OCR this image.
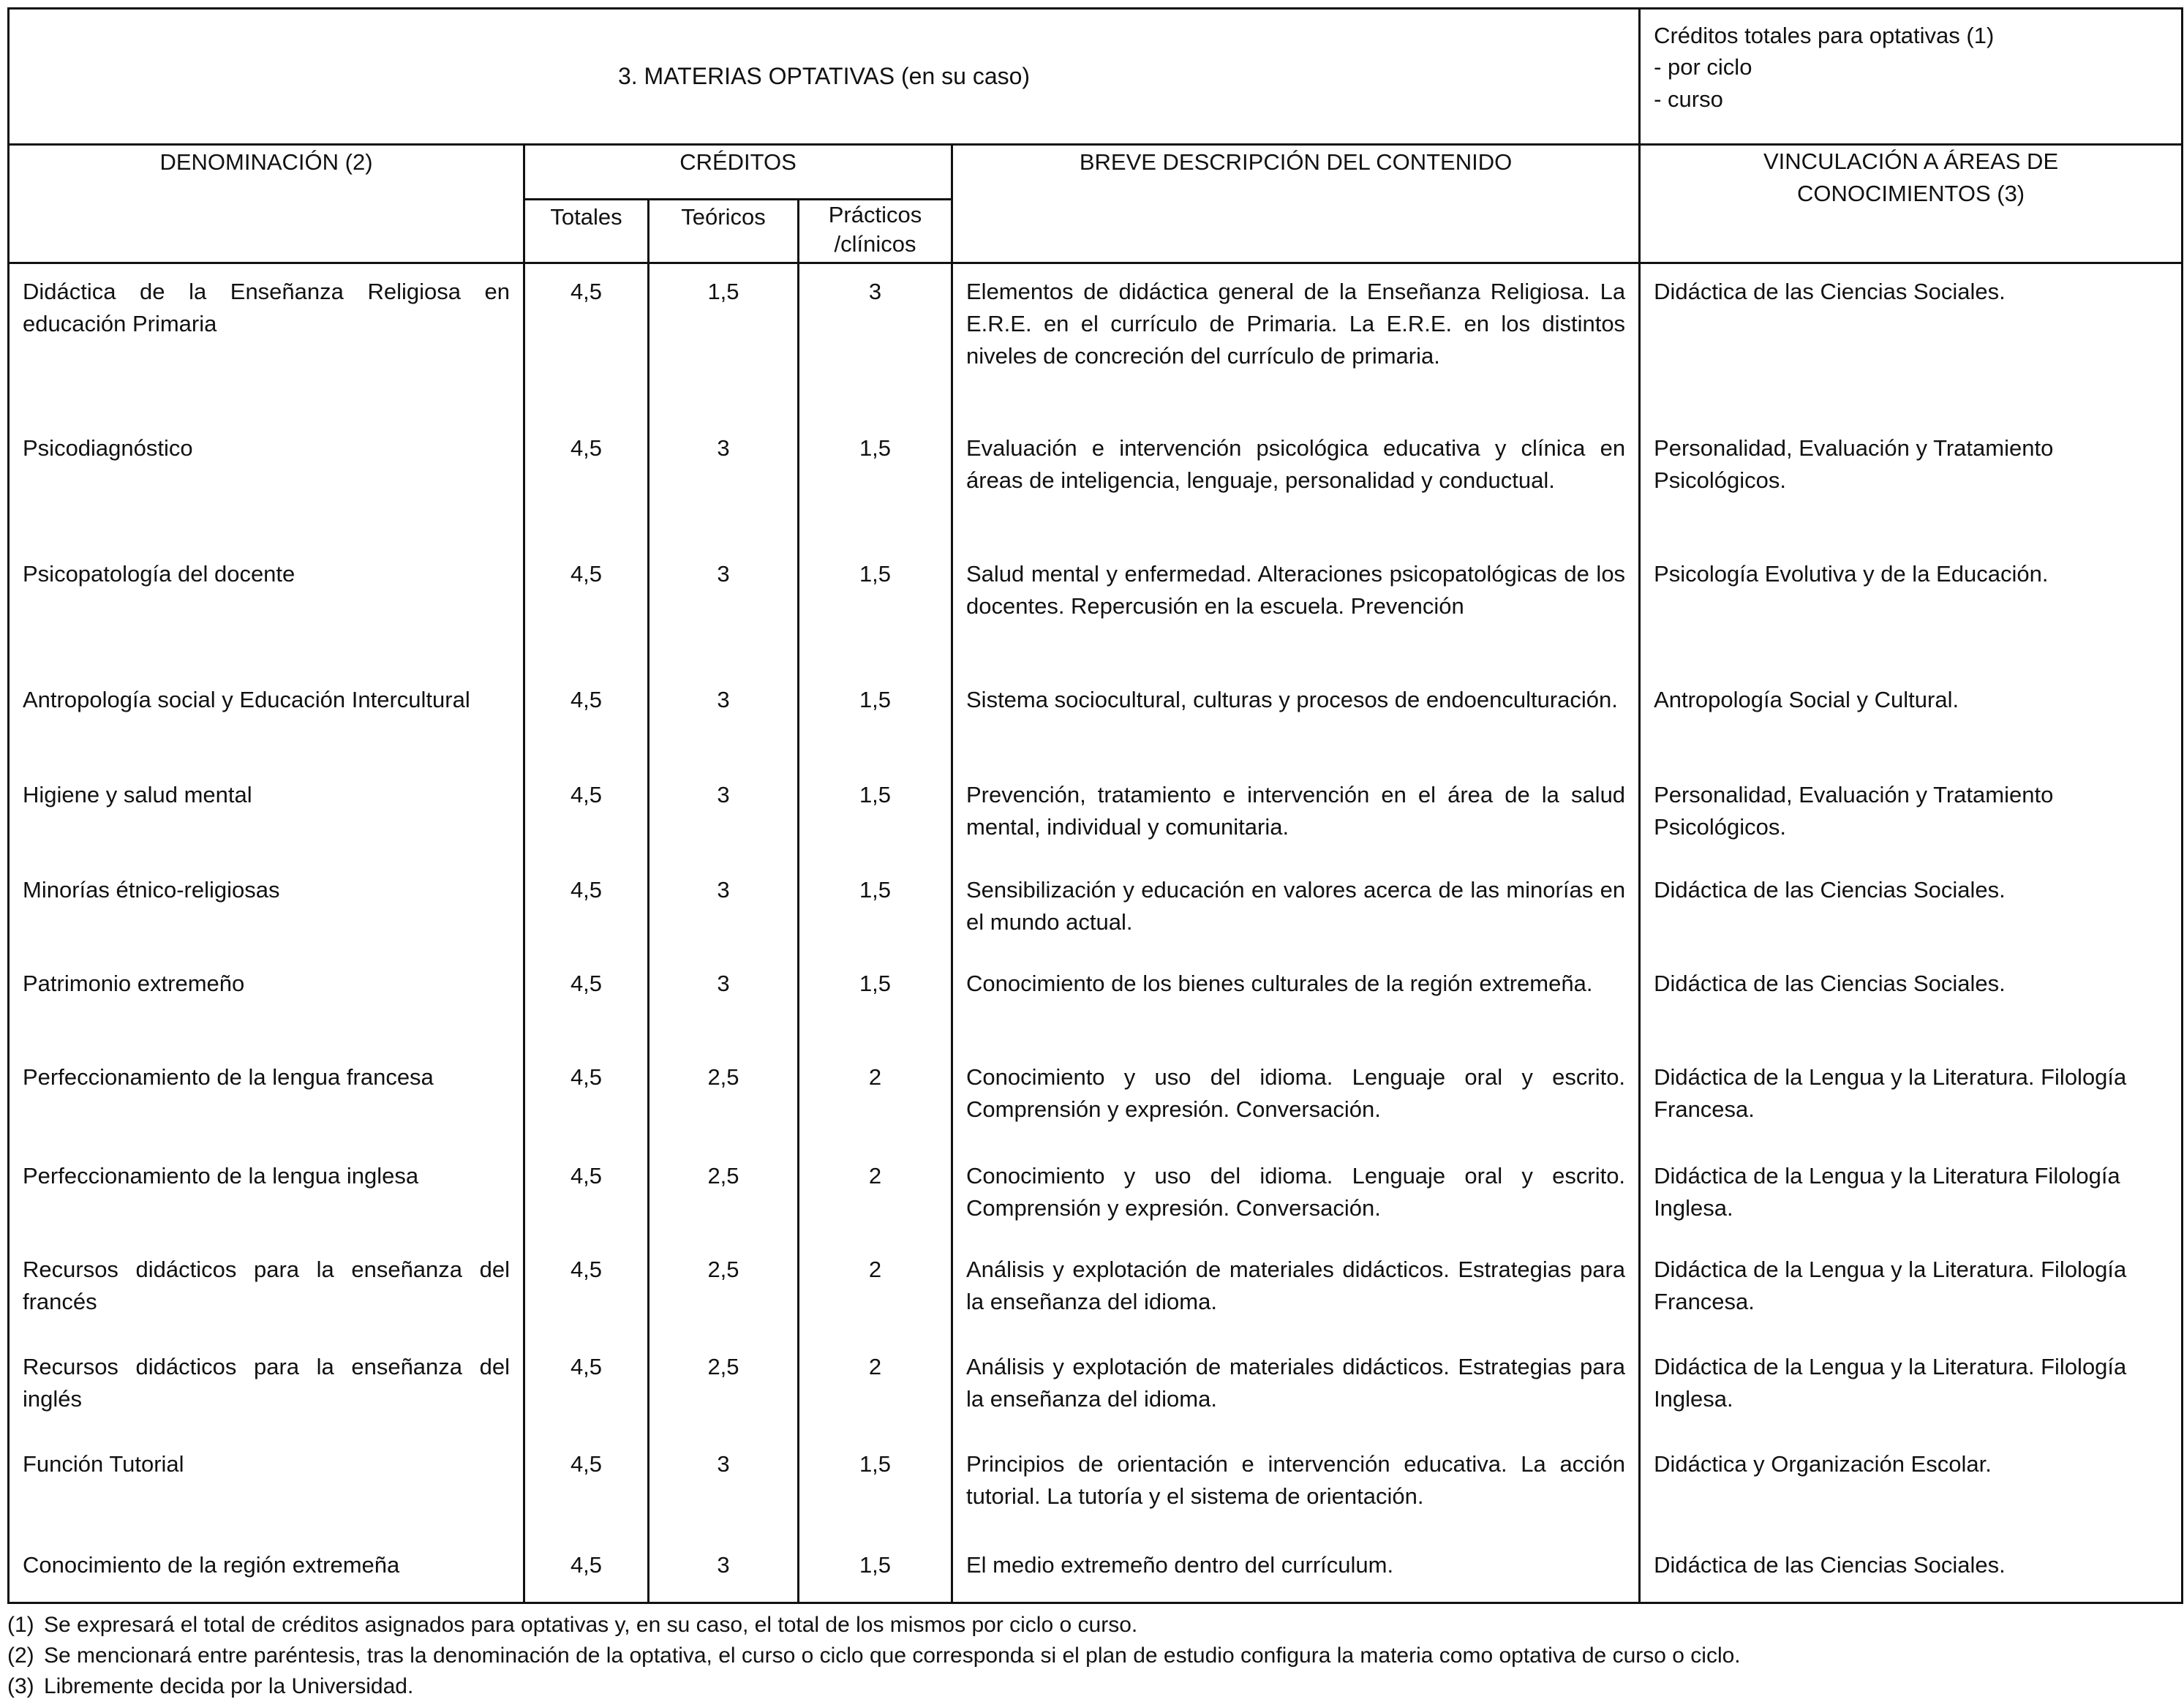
3. MATERIAS OPTATIVAS (en su caso)					Créditos totales para optativas (1)
- por ciclo
- curso

DENOMINACIÓN (2)	CRÉDITOS			BREVE DESCRIPCIÓN DEL CONTENIDO	VINCULACIÓN A ÁREAS DE CONOCIMIENTOS (3)
	Totales	Teóricos	Prácticos /clínicos		
Didáctica de la Enseñanza Religiosa en educación Primaria	4,5	1,5	3	Elementos de didáctica general de la Enseñanza Religiosa. La E.R.E. en el currículo de Primaria. La E.R.E. en los distintos niveles de concreción del currículo de primaria.	Didáctica de las Ciencias Sociales.
Psicodiagnóstico	4,5	3	1,5	Evaluación e intervención psicológica educativa y clínica en áreas de inteligencia, lenguaje, personalidad y conductual.	Personalidad, Evaluación y Tratamiento Psicológicos.
Psicopatología del docente	4,5	3	1,5	Salud mental y enfermedad. Alteraciones psicopatológicas de los docentes. Repercusión en la escuela. Prevención	Psicología Evolutiva y de la Educación.
Antropología social y Educación Intercultural	4,5	3	1,5	Sistema sociocultural, culturas y procesos de endoenculturación.	Antropología Social y Cultural.
Higiene y salud mental	4,5	3	1,5	Prevención, tratamiento e intervención en el área de la salud mental, individual y comunitaria.	Personalidad, Evaluación y Tratamiento Psicológicos.
Minorías étnico-religiosas	4,5	3	1,5	Sensibilización y educación en valores acerca de las minorías en el mundo actual.	Didáctica de las Ciencias Sociales.
Patrimonio extremeño	4,5	3	1,5	Conocimiento de los bienes culturales de la región extremeña.	Didáctica de las Ciencias Sociales.
Perfeccionamiento de la lengua francesa	4,5	2,5	2	Conocimiento y uso del idioma. Lenguaje oral y escrito. Comprensión y expresión. Conversación.	Didáctica de la Lengua y la Literatura. Filología Francesa.
Perfeccionamiento de la lengua inglesa	4,5	2,5	2	Conocimiento y uso del idioma. Lenguaje oral y escrito. Comprensión y expresión. Conversación.	Didáctica de la Lengua y la Literatura Filología Inglesa.
Recursos didácticos para la enseñanza del francés	4,5	2,5	2	Análisis y explotación de materiales didácticos. Estrategias para la enseñanza del idioma.	Didáctica de la Lengua y la Literatura. Filología Francesa.
Recursos didácticos para la enseñanza del inglés	4,5	2,5	2	Análisis y explotación de materiales didácticos. Estrategias para la enseñanza del idioma.	Didáctica de la Lengua y la Literatura. Filología Inglesa.
Función Tutorial	4,5	3	1,5	Principios de orientación e intervención educativa. La acción tutorial. La tutoría y el sistema de orientación.	Didáctica y Organización Escolar.
Conocimiento de la región extremeña	4,5	3	1,5	El medio extremeño dentro del currículum.	Didáctica de las Ciencias Sociales.
(1) Se expresará el total de créditos asignados para optativas y, en su caso, el total de los mismos por ciclo o curso.
(2) Se mencionará entre paréntesis, tras la denominación de la optativa, el curso o ciclo que corresponda si el plan de estudio configura la materia como optativa de curso o ciclo.
(3) Libremente decida por la Universidad.
